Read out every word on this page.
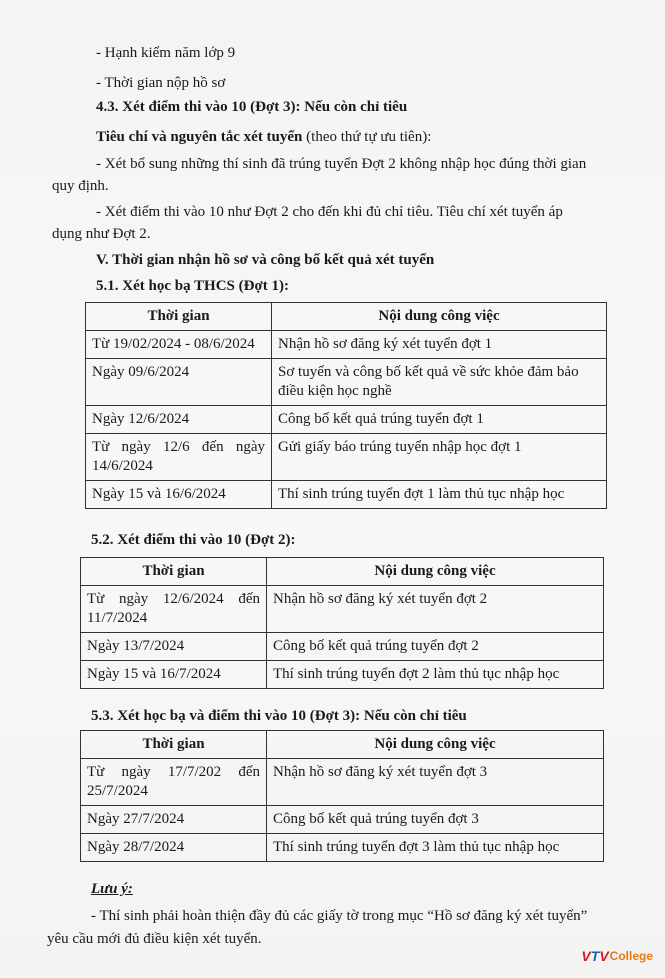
- Hạnh kiểm năm lớp 9
- Thời gian nộp hồ sơ
4.3. Xét điểm thi vào 10 (Đợt 3): Nếu còn chỉ tiêu
Tiêu chí và nguyên tắc xét tuyển (theo thứ tự ưu tiên):
- Xét bổ sung những thí sinh đã trúng tuyển Đợt 2 không nhập học đúng thời gian
quy định.
- Xét điểm thi vào 10 như Đợt 2 cho đến khi đủ chỉ tiêu. Tiêu chí xét tuyển áp
dụng như Đợt 2.
V. Thời gian nhận hồ sơ và công bố kết quả xét tuyển
5.1. Xét học bạ THCS (Đợt 1):
Thời gian	Nội dung công việc
Từ 19/02/2024 - 08/6/2024	Nhận hồ sơ đăng ký xét tuyển đợt 1
Ngày 09/6/2024	Sơ tuyển và công bố kết quả về sức khỏe đảm bảo điều kiện học nghề
Ngày 12/6/2024	Công bố kết quả trúng tuyển đợt 1
Từ ngày 12/6 đến ngày 14/6/2024	Gửi giấy báo trúng tuyển nhập học đợt 1
Ngày 15 và 16/6/2024	Thí sinh trúng tuyển đợt 1 làm thủ tục nhập học
5.2. Xét điểm thi vào 10 (Đợt 2):
Thời gian	Nội dung công việc
Từ ngày 12/6/2024 đến 11/7/2024	Nhận hồ sơ đăng ký xét tuyển đợt 2
Ngày 13/7/2024	Công bố kết quả trúng tuyển đợt 2
Ngày 15 và 16/7/2024	Thí sinh trúng tuyển đợt 2 làm thủ tục nhập học
5.3. Xét học bạ và điểm thi vào 10 (Đợt 3): Nếu còn chỉ tiêu
Thời gian	Nội dung công việc
Từ ngày 17/7/202 đến 25/7/2024	Nhận hồ sơ đăng ký xét tuyển đợt 3
Ngày 27/7/2024	Công bố kết quả trúng tuyển đợt 3
Ngày 28/7/2024	Thí sinh trúng tuyển đợt 3 làm thủ tục nhập học
Lưu ý:
- Thí sinh phải hoàn thiện đầy đủ các giấy tờ trong mục “Hồ sơ đăng ký xét tuyển”
yêu cầu mới đủ điều kiện xét tuyển.
V T V College
